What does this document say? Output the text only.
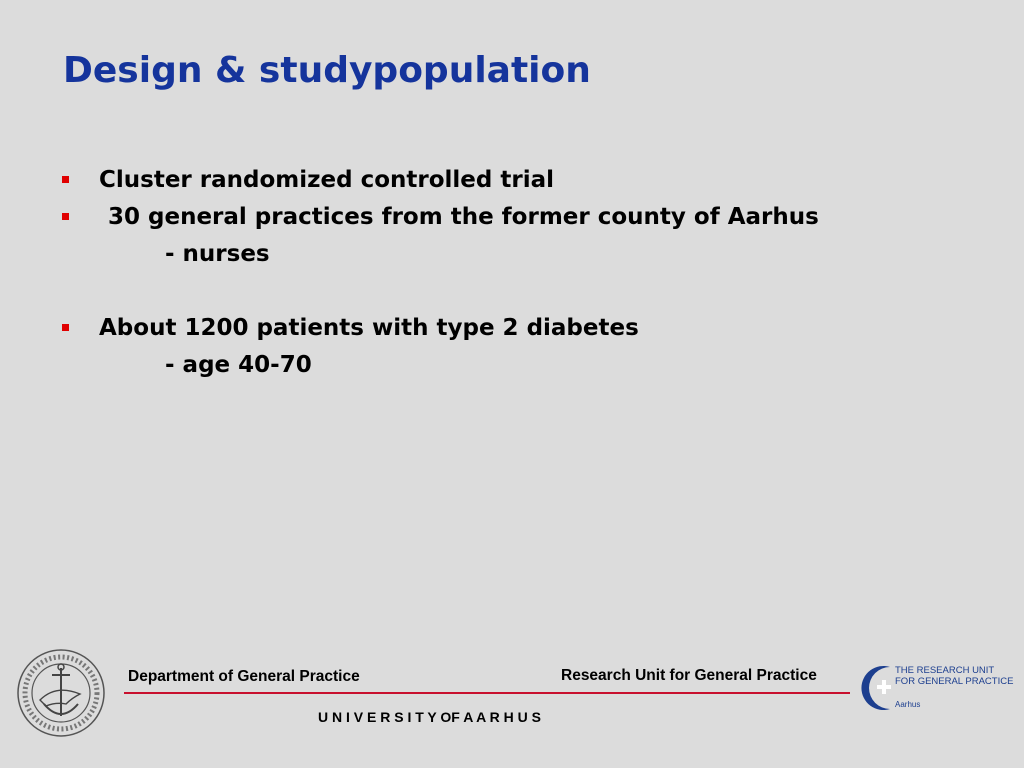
Design & studypopulation
Cluster randomized controlled trial
30 general practices from the former county of Aarhus
- nurses
About 1200 patients with type 2 diabetes
- age 40-70
Department of General Practice	Research Unit for General Practice
U N I V E R S I T Y OF A A R H U S
THE RESEARCH UNIT
FOR GENERAL PRACTICE
Aarhus
